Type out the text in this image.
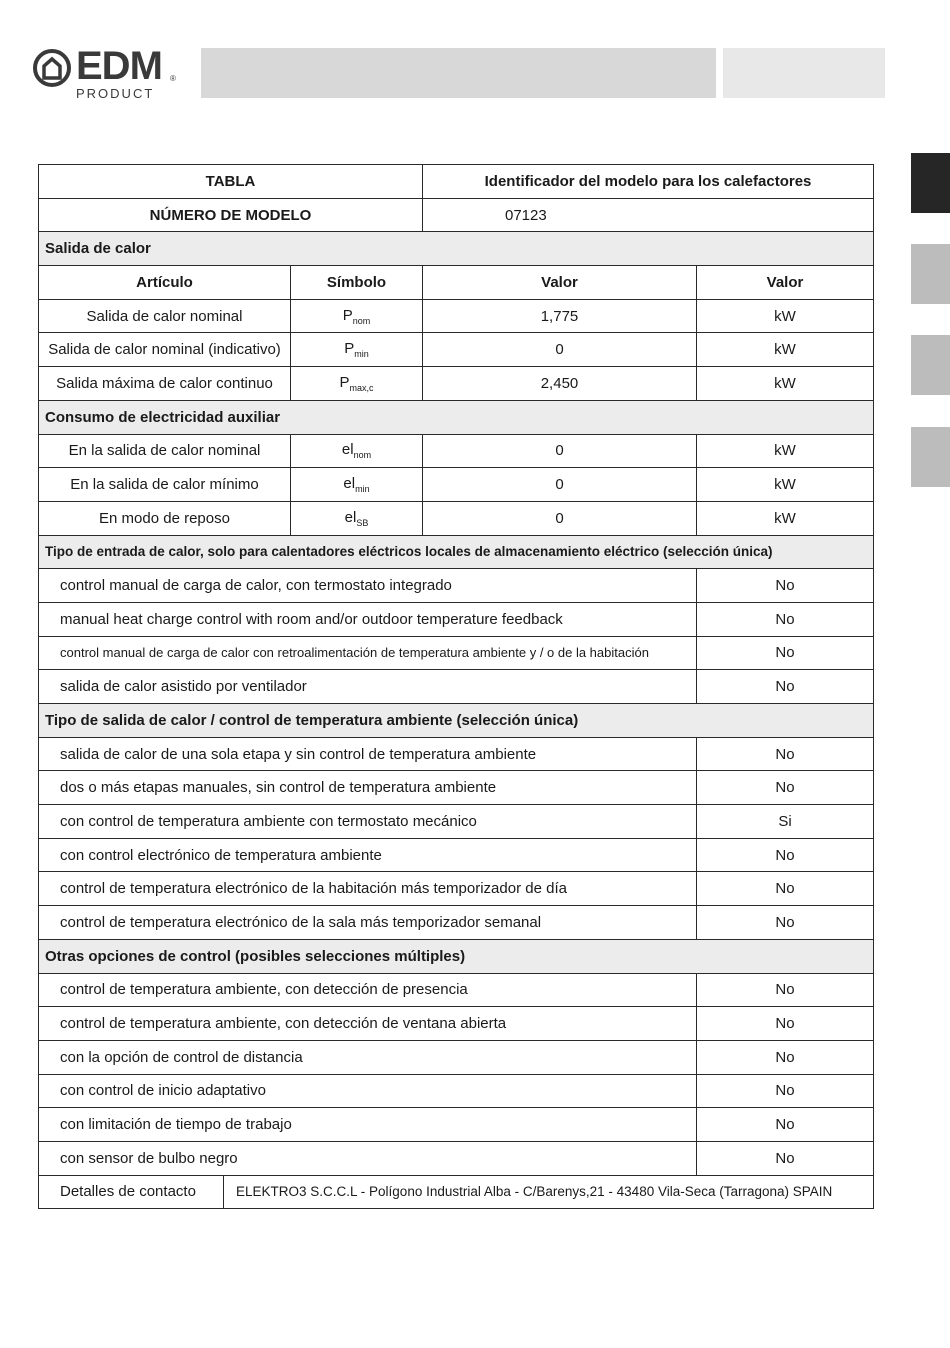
EDM ®
PRODUCT
TABLA			Identificador del modelo para los calefactores	
NÚMERO DE MODELO			07123	
Salida de calor				
Artículo		Símbolo	Valor	Valor
Salida de calor nominal		$P_{nom}$	1,775	kW
Salida de calor nominal (indicativo)		$P_{min}$	0	kW
Salida máxima de calor continuo		$P_{max,c}$	2,450	kW
Consumo de electricidad auxiliar				
En la salida de calor nominal		$el_{nom}$	0	kW
En la salida de calor mínimo		$el_{min}$	0	kW
En modo de reposo		$el_{SB}$	0	kW
Tipo de entrada de calor, solo para calentadores eléctricos locales de almacenamiento eléctrico (selección única)				
control manual de carga de calor, con termostato integrado				No
manual heat charge control with room and/or outdoor temperature feedback				No
control manual de carga de calor con retroalimentación de temperatura ambiente y / o de la habitación				No
salida de calor asistido por ventilador				No
Tipo de salida de calor / control de temperatura ambiente (selección única)				
salida de calor de una sola etapa y sin control de temperatura ambiente				No
dos o más etapas manuales, sin control de temperatura ambiente				No
con control de temperatura ambiente con termostato mecánico				Si
con control electrónico de temperatura ambiente				No
control de temperatura electrónico de la habitación más temporizador de día				No
control de temperatura electrónico de la sala más temporizador semanal				No
Otras opciones de control (posibles selecciones múltiples)				
control de temperatura ambiente, con detección de presencia				No
control de temperatura ambiente, con detección de ventana abierta				No
con la opción de control de distancia				No
con control de inicio adaptativo				No
con limitación de tiempo de trabajo				No
con sensor de bulbo negro				No
Detalles de contacto	ELEKTRO3 S.C.C.L - Polígono Industrial Alba - C/Barenys,21 - 43480 Vila-Seca (Tarragona) SPAIN			
